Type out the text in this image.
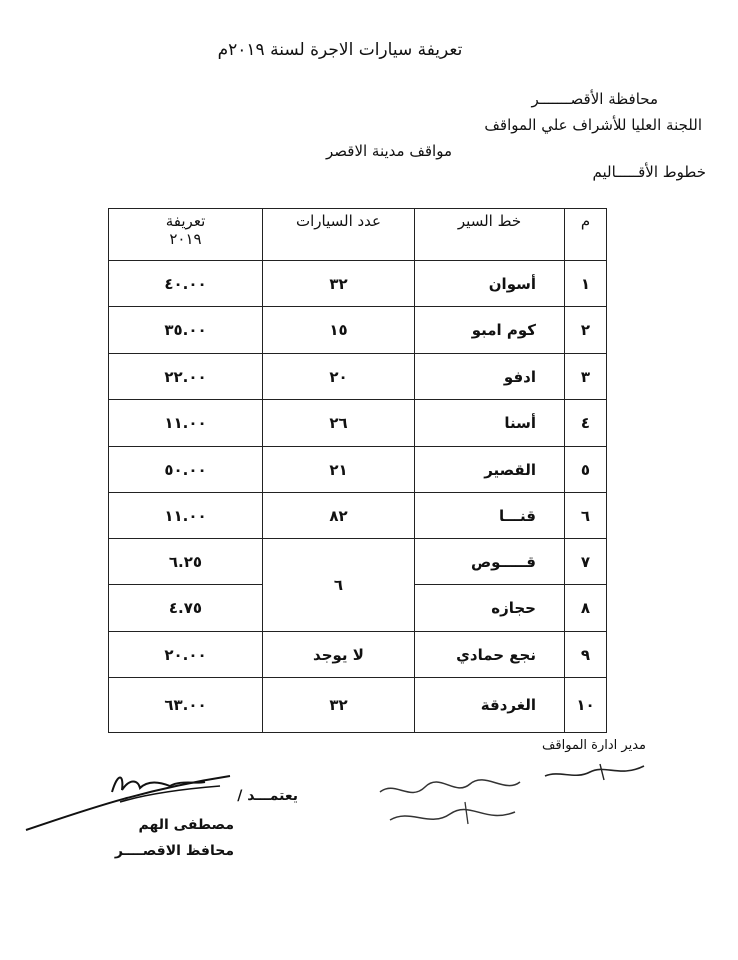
تعريفة سيارات الاجرة لسنة ٢٠١٩م
محافظة الأقصـــــــر
اللجنة العليا للأشراف علي المواقف
مواقف مدينة الاقصر
خطوط الأقـــــاليم
م	خط السير	عدد السيارات	تعريفة
٢٠١٩

١	أسوان	٣٢	٤٠.٠٠
٢	كوم امبو	١٥	٣٥.٠٠
٣	ادفو	٢٠	٢٢.٠٠
٤	أسنا	٢٦	١١.٠٠
٥	القصير	٢١	٥٠.٠٠
٦	قنـــا	٨٢	١١.٠٠
٧	قـــــوص	٦	٦.٢٥
٨	حجازه		٤.٧٥
٩	نجع حمادي	لا يوجد	٢٠.٠٠
١٠	الغردقة	٣٢	٦٣.٠٠
مدير ادارة المواقف
يعتمـــد /
مصطفى الهم
محافظ الاقصــــر
